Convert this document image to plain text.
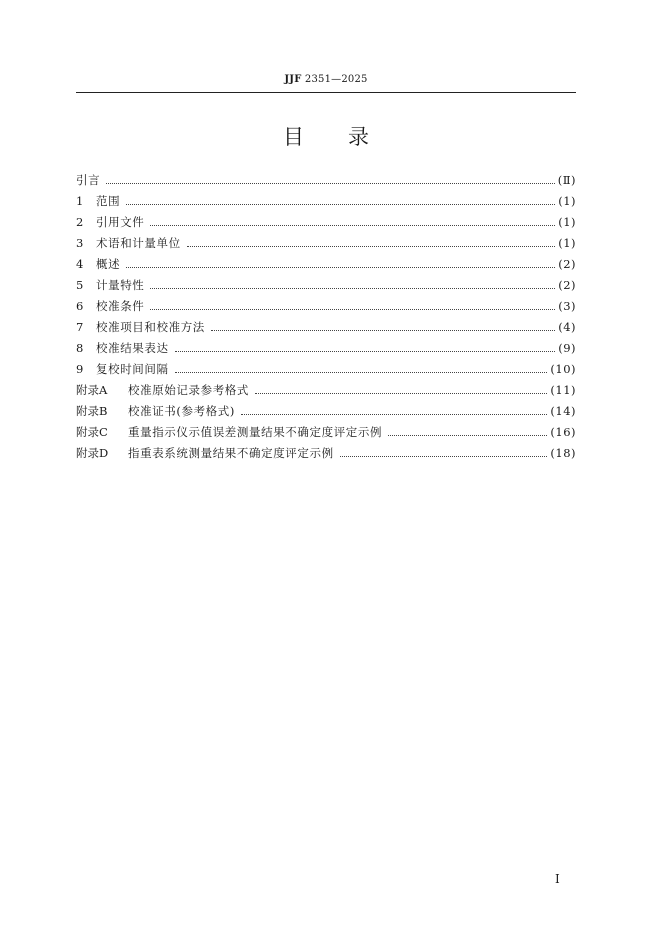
JJF 2351—2025
目录
引言	(Ⅱ)
1	范围	(1)
2	引用文件	(1)
3	术语和计量单位	(1)
4	概述	(2)
5	计量特性	(2)
6	校准条件	(3)
7	校准项目和校准方法	(4)
8	校准结果表达	(9)
9	复校时间间隔	(10)
附录A	校准原始记录参考格式	(11)
附录B	校准证书(参考格式)	(14)
附录C	重量指示仪示值误差测量结果不确定度评定示例	(16)
附录D	指重表系统测量结果不确定度评定示例	(18)
Ⅰ
